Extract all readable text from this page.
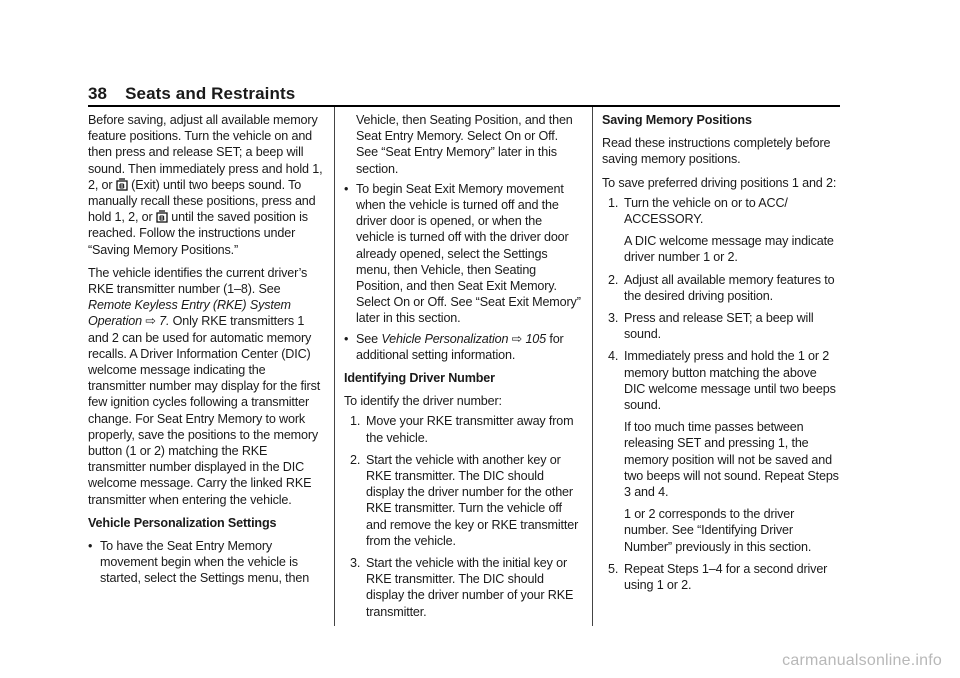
38 Seats and Restraints

Before saving, adjust all available memory feature positions. Turn the vehicle on and then press and release SET; a beep will sound. Then immediately press and hold 1, 2, or  (Exit) until two beeps sound. To manually recall these positions, press and hold 1, 2, or  until the saved position is reached. Follow the instructions under “Saving Memory Positions.”

The vehicle identifies the current driver’s RKE transmitter number (1–8). See Remote Keyless Entry (RKE) System Operation ⇨ 7. Only RKE transmitters 1 and 2 can be used for automatic memory recalls. A Driver Information Center (DIC) welcome message indicating the transmitter number may display for the first few ignition cycles following a transmitter change. For Seat Entry Memory to work properly, save the positions to the memory button (1 or 2) matching the RKE transmitter number displayed in the DIC welcome message. Carry the linked RKE transmitter when entering the vehicle.

Vehicle Personalization Settings

• To have the Seat Entry Memory movement begin when the vehicle is started, select the Settings menu, then
Vehicle, then Seating Position, and then Seat Entry Memory. Select On or Off. See “Seat Entry Memory” later in this section.
• To begin Seat Exit Memory movement when the vehicle is turned off and the driver door is opened, or when the vehicle is turned off with the driver door already opened, select the Settings menu, then Vehicle, then Seating Position, and then Seat Exit Memory. Select On or Off. See “Seat Exit Memory” later in this section.
• See Vehicle Personalization ⇨ 105 for additional setting information.

Identifying Driver Number

To identify the driver number:

1. Move your RKE transmitter away from the vehicle.
2. Start the vehicle with another key or RKE transmitter. The DIC should display the driver number for the other RKE transmitter. Turn the vehicle off and remove the key or RKE transmitter from the vehicle.
3. Start the vehicle with the initial key or RKE transmitter. The DIC should display the driver number of your RKE transmitter.

Saving Memory Positions

Read these instructions completely before saving memory positions.

To save preferred driving positions 1 and 2:

1. Turn the vehicle on or to ACC/ ACCESSORY.
A DIC welcome message may indicate driver number 1 or 2.
2. Adjust all available memory features to the desired driving position.
3. Press and release SET; a beep will sound.
4. Immediately press and hold the 1 or 2 memory button matching the above DIC welcome message until two beeps sound.
If too much time passes between releasing SET and pressing 1, the memory position will not be saved and two beeps will not sound. Repeat Steps 3 and 4.
1 or 2 corresponds to the driver number. See “Identifying Driver Number” previously in this section.
5. Repeat Steps 1–4 for a second driver using 1 or 2.
carmanualsonline.info
